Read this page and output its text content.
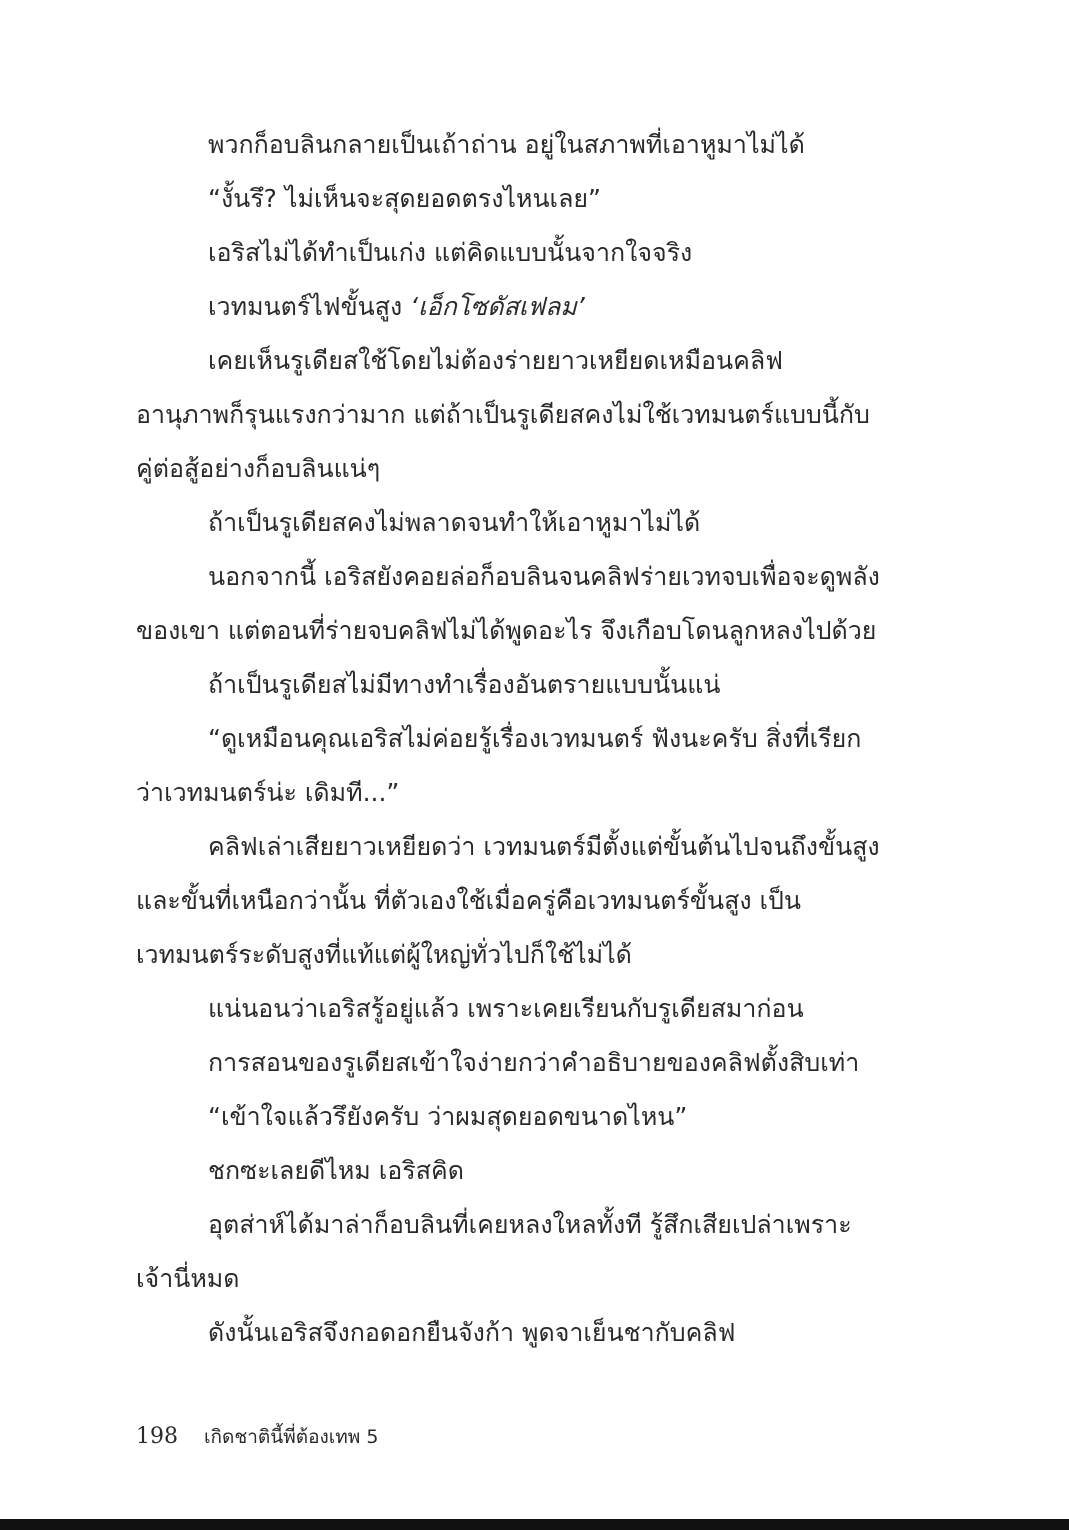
พวกก็อบลินกลายเป็นเถ้าถ่าน อยู่ในสภาพที่เอาหูมาไม่ได้

“งั้นรึ? ไม่เห็นจะสุดยอดตรงไหนเลย”

เอริสไม่ได้ทำเป็นเก่ง แต่คิดแบบนั้นจากใจจริง

เวทมนตร์ไฟขั้นสูง ‘เอ็กโซดัสเฟลม’

เคยเห็นรูเดียสใช้โดยไม่ต้องร่ายยาวเหยียดเหมือนคลิฟ อานุภาพก็รุนแรงกว่ามาก แต่ถ้าเป็นรูเดียสคงไม่ใช้เวทมนตร์แบบนี้กับคู่ต่อสู้อย่างก็อบลินแน่ๆ

ถ้าเป็นรูเดียสคงไม่พลาดจนทำให้เอาหูมาไม่ได้

นอกจากนี้ เอริสยังคอยล่อก็อบลินจนคลิฟร่ายเวทจบเพื่อจะดูพลังของเขา แต่ตอนที่ร่ายจบคลิฟไม่ได้พูดอะไร จึงเกือบโดนลูกหลงไปด้วย

ถ้าเป็นรูเดียสไม่มีทางทำเรื่องอันตรายแบบนั้นแน่

“ดูเหมือนคุณเอริสไม่ค่อยรู้เรื่องเวทมนตร์ ฟังนะครับ สิ่งที่เรียกว่าเวทมนตร์น่ะ เดิมที...”

คลิฟเล่าเสียยาวเหยียดว่า เวทมนตร์มีตั้งแต่ขั้นต้นไปจนถึงขั้นสูงและขั้นที่เหนือกว่านั้น ที่ตัวเองใช้เมื่อครู่คือเวทมนตร์ขั้นสูง เป็นเวทมนตร์ระดับสูงที่แท้แต่ผู้ใหญ่ทั่วไปก็ใช้ไม่ได้

แน่นอนว่าเอริสรู้อยู่แล้ว เพราะเคยเรียนกับรูเดียสมาก่อน

การสอนของรูเดียสเข้าใจง่ายกว่าคำอธิบายของคลิฟตั้งสิบเท่า

“เข้าใจแล้วรึยังครับ ว่าผมสุดยอดขนาดไหน”

ชกซะเลยดีไหม เอริสคิด

อุตส่าห์ได้มาล่าก็อบลินที่เคยหลงใหลทั้งที รู้สึกเสียเปล่าเพราะเจ้านี่หมด

ดังนั้นเอริสจึงกอดอกยืนจังก้า พูดจาเย็นชากับคลิฟ

198 เกิดชาตินี้พี่ต้องเทพ 5
